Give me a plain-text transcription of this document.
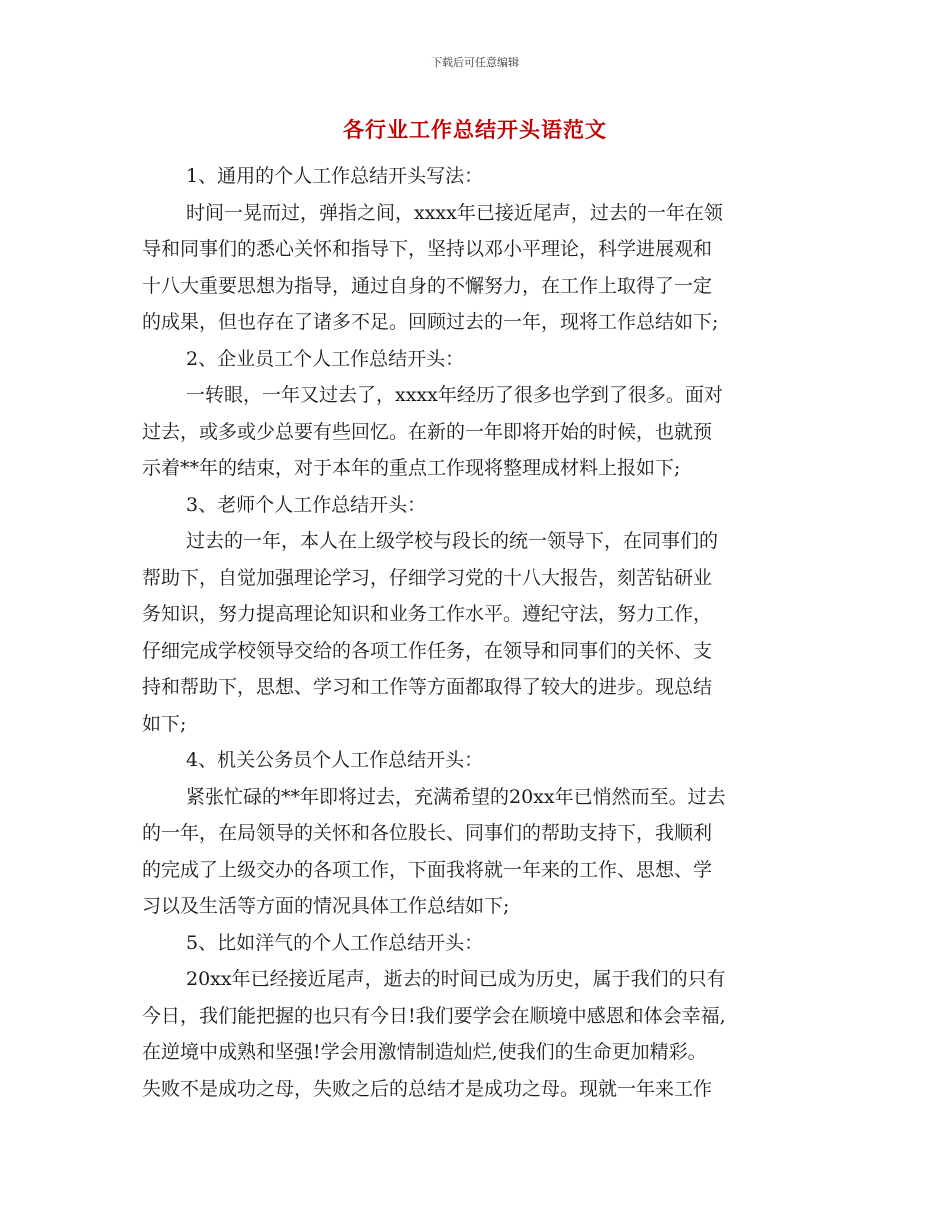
下载后可任意编辑
各行业工作总结开头语范文
1、通用的个人工作总结开头写法：
时间一晃而过，弹指之间，xxxx年已接近尾声，过去的一年在领
导和同事们的悉心关怀和指导下，坚持以邓小平理论，科学进展观和
十八大重要思想为指导，通过自身的不懈努力，在工作上取得了一定
的成果，但也存在了诸多不足。回顾过去的一年，现将工作总结如下;
2、企业员工个人工作总结开头：
一转眼，一年又过去了，xxxx年经历了很多也学到了很多。面对
过去，或多或少总要有些回忆。在新的一年即将开始的时候，也就预
示着**年的结束，对于本年的重点工作现将整理成材料上报如下;
3、老师个人工作总结开头：
过去的一年，本人在上级学校与段长的统一领导下，在同事们的
帮助下，自觉加强理论学习，仔细学习党的十八大报告，刻苦钻研业
务知识，努力提高理论知识和业务工作水平。遵纪守法，努力工作，
仔细完成学校领导交给的各项工作任务，在领导和同事们的关怀、支
持和帮助下，思想、学习和工作等方面都取得了较大的进步。现总结
如下;
4、机关公务员个人工作总结开头：
紧张忙碌的**年即将过去，充满希望的20xx年已悄然而至。过去
的一年，在局领导的关怀和各位股长、同事们的帮助支持下，我顺利
的完成了上级交办的各项工作，下面我将就一年来的工作、思想、学
习以及生活等方面的情况具体工作总结如下;
5、比如洋气的个人工作总结开头：
20xx年已经接近尾声，逝去的时间已成为历史，属于我们的只有
今日，我们能把握的也只有今日!我们要学会在顺境中感恩和体会幸福,
在逆境中成熟和坚强!学会用激情制造灿烂,使我们的生命更加精彩。
失败不是成功之母，失败之后的总结才是成功之母。现就一年来工作
